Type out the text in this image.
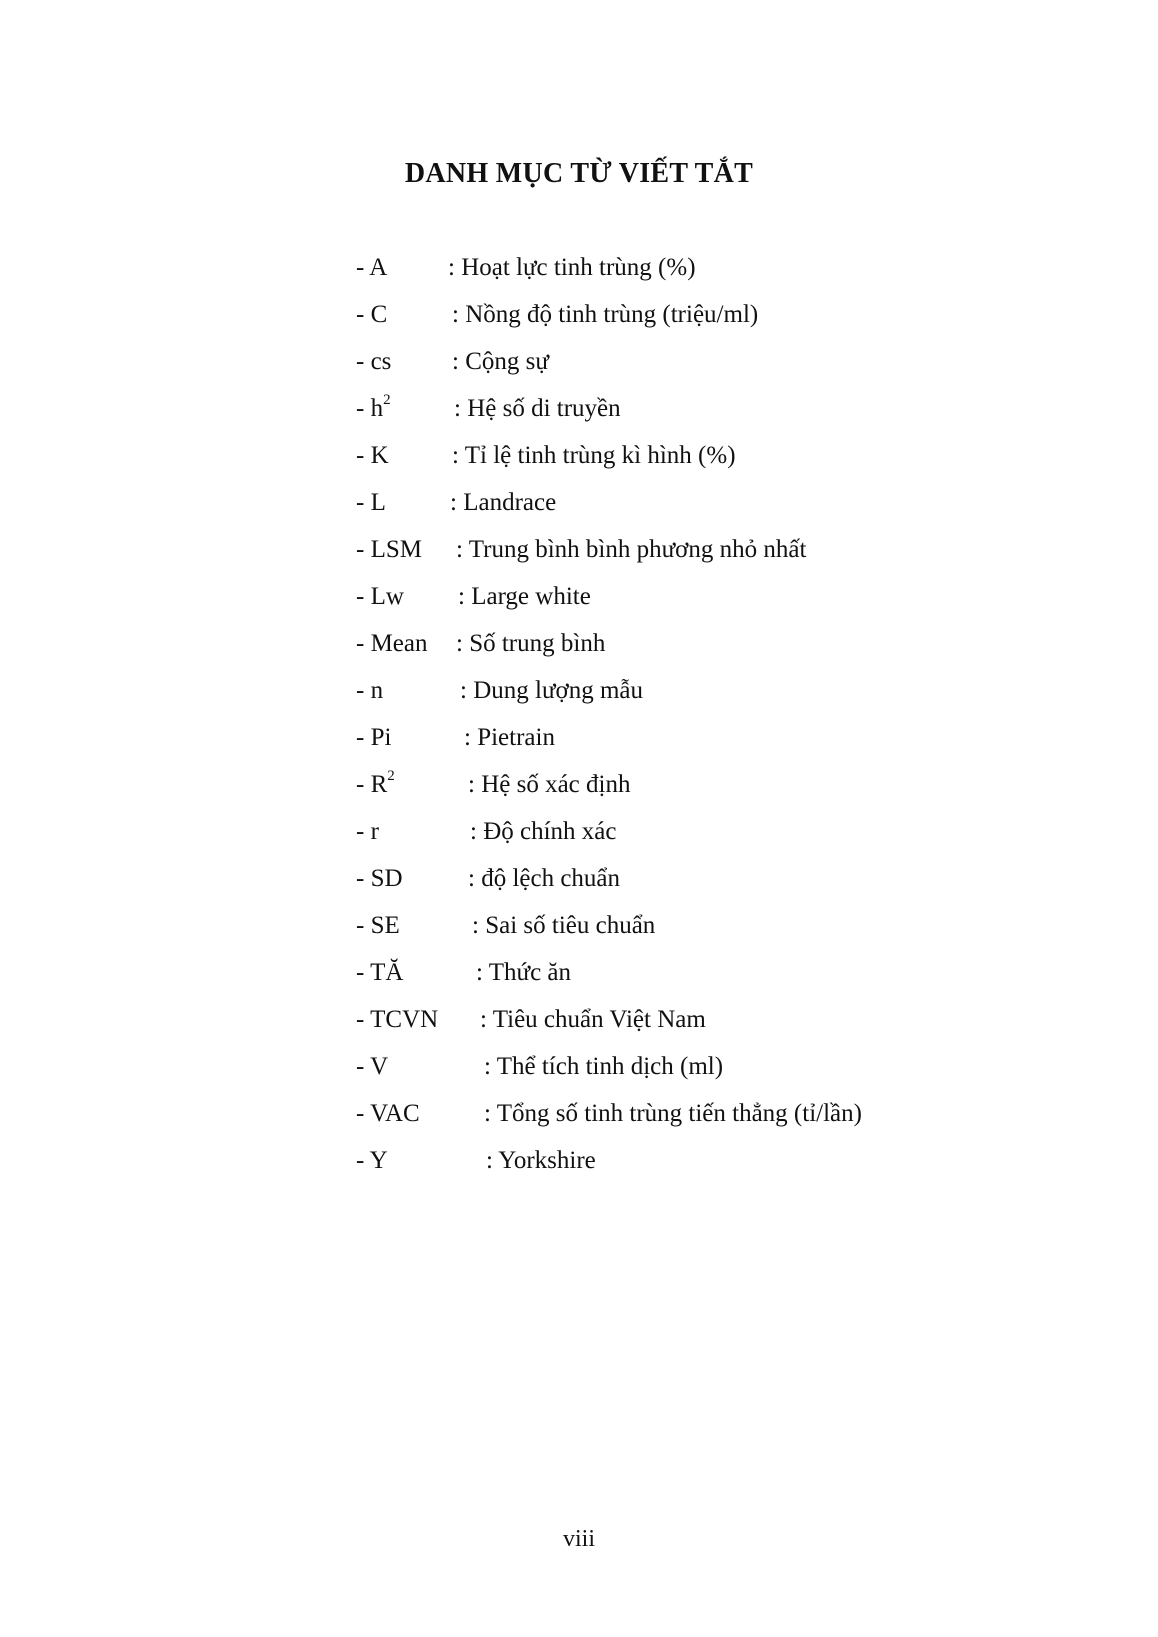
DANH MỤC TỪ VIẾT TẮT
- A : Hoạt lực tinh trùng (%)
- C	: Nồng độ tinh trùng (triệu/ml)
- cs : Cộng sự
- $h^2$	: Hệ số di truyền
- K	: Tỉ lệ tinh trùng kì hình (%)
- L	: Landrace
- LSM : Trung bình bình phương nhỏ nhất
- Lw : Large white
- Mean : Số trung bình
- n	: Dung lượng mẫu
- Pi	: Pietrain
- $R^2$	: Hệ số xác định
- r	: Độ chính xác
- SD	: độ lệch chuẩn
- SE	: Sai số tiêu chuẩn
- TĂ	: Thức ăn
- TCVN : Tiêu chuẩn Việt Nam
- V	: Thể tích tinh dịch (ml)
- VAC	: Tổng số tinh trùng tiến thẳng (tỉ/lần)
- Y	: Yorkshire
viii
